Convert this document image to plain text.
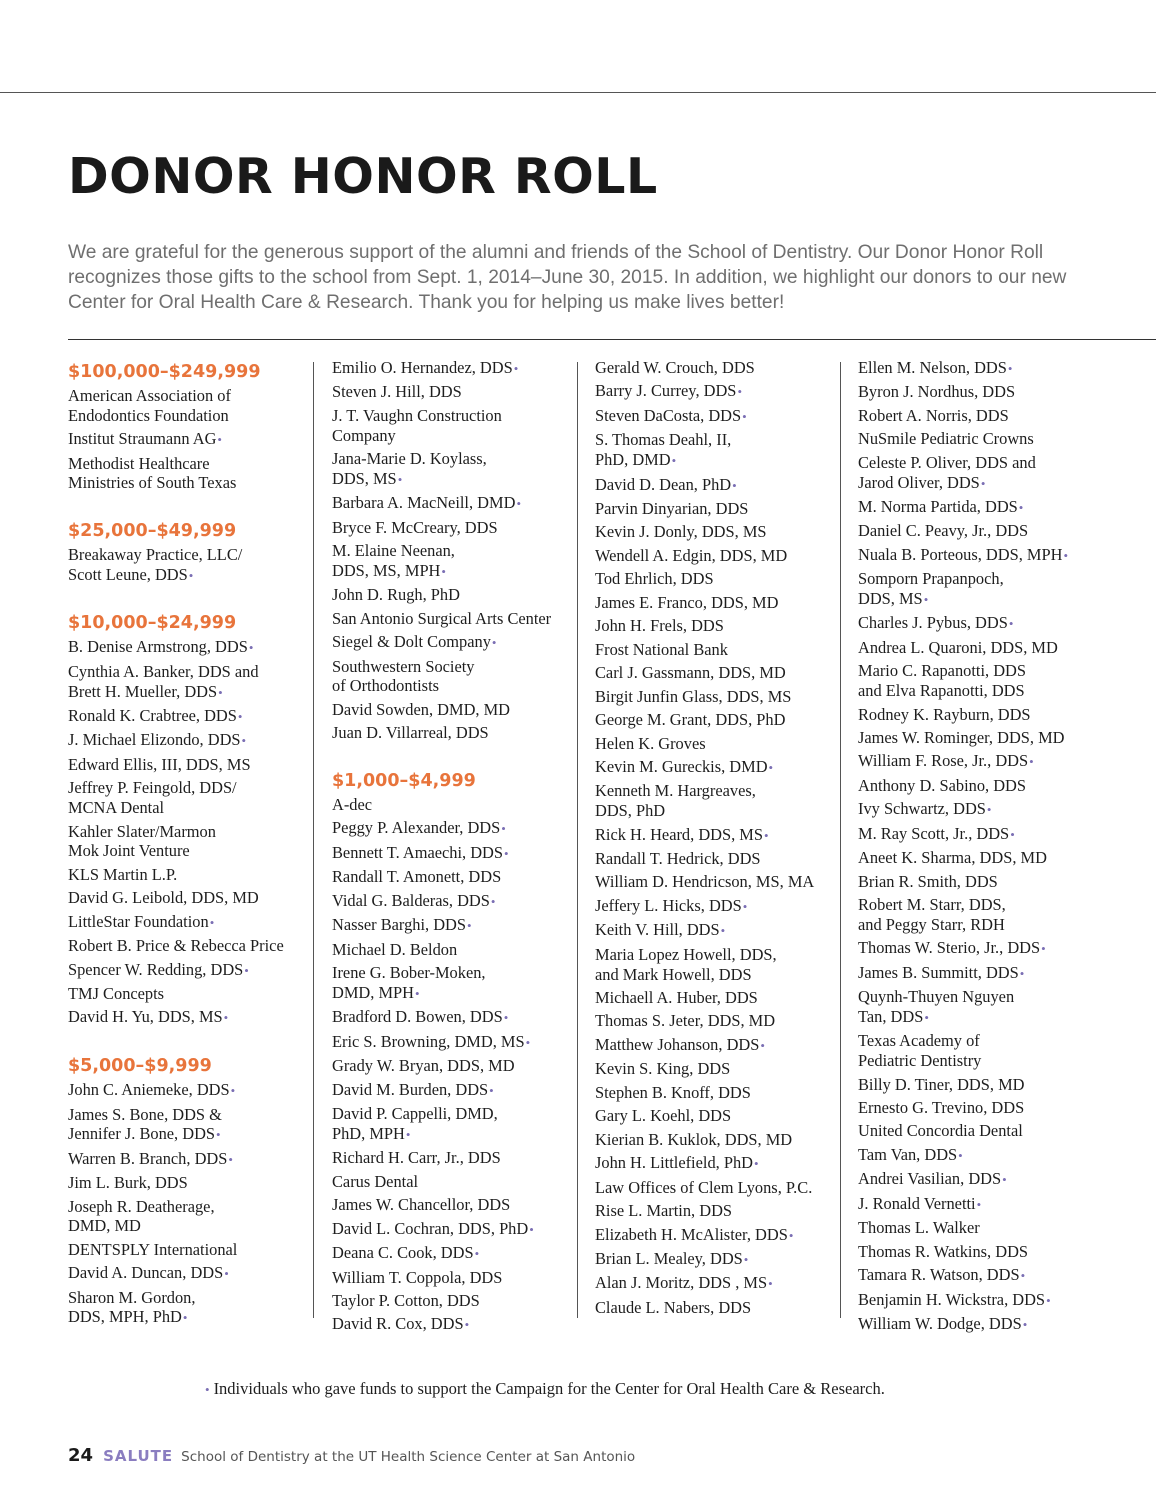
DONOR HONOR ROLL

We are grateful for the generous support of the alumni and friends of the School of Dentistry. Our Donor Honor Roll recognizes those gifts to the school from Sept. 1, 2014–June 30, 2015. In addition, we highlight our donors to our new Center for Oral Health Care & Research. Thank you for helping us make lives better!

$100,000–$249,999
American Association of
Endodontics Foundation
Institut Straumann AG•
Methodist Healthcare
Ministries of South Texas
$25,000–$49,999
Breakaway Practice, LLC/
Scott Leune, DDS•
$10,000–$24,999
B. Denise Armstrong, DDS•
Cynthia A. Banker, DDS and
Brett H. Mueller, DDS•
Ronald K. Crabtree, DDS•
J. Michael Elizondo, DDS•
Edward Ellis, III, DDS, MS
Jeffrey P. Feingold, DDS/
MCNA Dental
Kahler Slater/Marmon
Mok Joint Venture
KLS Martin L.P.
David G. Leibold, DDS, MD
LittleStar Foundation•
Robert B. Price & Rebecca Price
Spencer W. Redding, DDS•
TMJ Concepts
David H. Yu, DDS, MS•
$5,000–$9,999
John C. Aniemeke, DDS•
James S. Bone, DDS &
Jennifer J. Bone, DDS•
Warren B. Branch, DDS•
Jim L. Burk, DDS
Joseph R. Deatherage,
DMD, MD
DENTSPLY International
David A. Duncan, DDS•
Sharon M. Gordon,
DDS, MPH, PhD•
Emilio O. Hernandez, DDS•
Steven J. Hill, DDS
J. T. Vaughn Construction
Company
Jana-Marie D. Koylass,
DDS, MS•
Barbara A. MacNeill, DMD•
Bryce F. McCreary, DDS
M. Elaine Neenan,
DDS, MS, MPH•
John D. Rugh, PhD
San Antonio Surgical Arts Center
Siegel & Dolt Company•
Southwestern Society
of Orthodontists
David Sowden, DMD, MD
Juan D. Villarreal, DDS
$1,000–$4,999
A-dec
Peggy P. Alexander, DDS•
Bennett T. Amaechi, DDS•
Randall T. Amonett, DDS
Vidal G. Balderas, DDS•
Nasser Barghi, DDS•
Michael D. Beldon
Irene G. Bober-Moken,
DMD, MPH•
Bradford D. Bowen, DDS•
Eric S. Browning, DMD, MS•
Grady W. Bryan, DDS, MD
David M. Burden, DDS•
David P. Cappelli, DMD,
PhD, MPH•
Richard H. Carr, Jr., DDS
Carus Dental
James W. Chancellor, DDS
David L. Cochran, DDS, PhD•
Deana C. Cook, DDS•
William T. Coppola, DDS
Taylor P. Cotton, DDS
David R. Cox, DDS•
Gerald W. Crouch, DDS
Barry J. Currey, DDS•
Steven DaCosta, DDS•
S. Thomas Deahl, II,
PhD, DMD•
David D. Dean, PhD•
Parvin Dinyarian, DDS
Kevin J. Donly, DDS, MS
Wendell A. Edgin, DDS, MD
Tod Ehrlich, DDS
James E. Franco, DDS, MD
John H. Frels, DDS
Frost National Bank
Carl J. Gassmann, DDS, MD
Birgit Junfin Glass, DDS, MS
George M. Grant, DDS, PhD
Helen K. Groves
Kevin M. Gureckis, DMD•
Kenneth M. Hargreaves,
DDS, PhD
Rick H. Heard, DDS, MS•
Randall T. Hedrick, DDS
William D. Hendricson, MS, MA
Jeffery L. Hicks, DDS•
Keith V. Hill, DDS•
Maria Lopez Howell, DDS,
and Mark Howell, DDS
Michaell A. Huber, DDS
Thomas S. Jeter, DDS, MD
Matthew Johanson, DDS•
Kevin S. King, DDS
Stephen B. Knoff, DDS
Gary L. Koehl, DDS
Kierian B. Kuklok, DDS, MD
John H. Littlefield, PhD•
Law Offices of Clem Lyons, P.C.
Rise L. Martin, DDS
Elizabeth H. McAlister, DDS•
Brian L. Mealey, DDS•
Alan J. Moritz, DDS , MS•
Claude L. Nabers, DDS
Ellen M. Nelson, DDS•
Byron J. Nordhus, DDS
Robert A. Norris, DDS
NuSmile Pediatric Crowns
Celeste P. Oliver, DDS and
Jarod Oliver, DDS•
M. Norma Partida, DDS•
Daniel C. Peavy, Jr., DDS
Nuala B. Porteous, DDS, MPH•
Somporn Prapanpoch,
DDS, MS•
Charles J. Pybus, DDS•
Andrea L. Quaroni, DDS, MD
Mario C. Rapanotti, DDS
and Elva Rapanotti, DDS
Rodney K. Rayburn, DDS
James W. Rominger, DDS, MD
William F. Rose, Jr., DDS•
Anthony D. Sabino, DDS
Ivy Schwartz, DDS•
M. Ray Scott, Jr., DDS•
Aneet K. Sharma, DDS, MD
Brian R. Smith, DDS
Robert M. Starr, DDS,
and Peggy Starr, RDH
Thomas W. Sterio, Jr., DDS•
James B. Summitt, DDS•
Quynh-Thuyen Nguyen
Tan, DDS•
Texas Academy of
Pediatric Dentistry
Billy D. Tiner, DDS, MD
Ernesto G. Trevino, DDS
United Concordia Dental
Tam Van, DDS•
Andrei Vasilian, DDS•
J. Ronald Vernetti•
Thomas L. Walker
Thomas R. Watkins, DDS
Tamara R. Watson, DDS•
Benjamin H. Wickstra, DDS•
William W. Dodge, DDS•

• Individuals who gave funds to support the Campaign for the Center for Oral Health Care & Research.

24 SALUTE School of Dentistry at the UT Health Science Center at San Antonio
